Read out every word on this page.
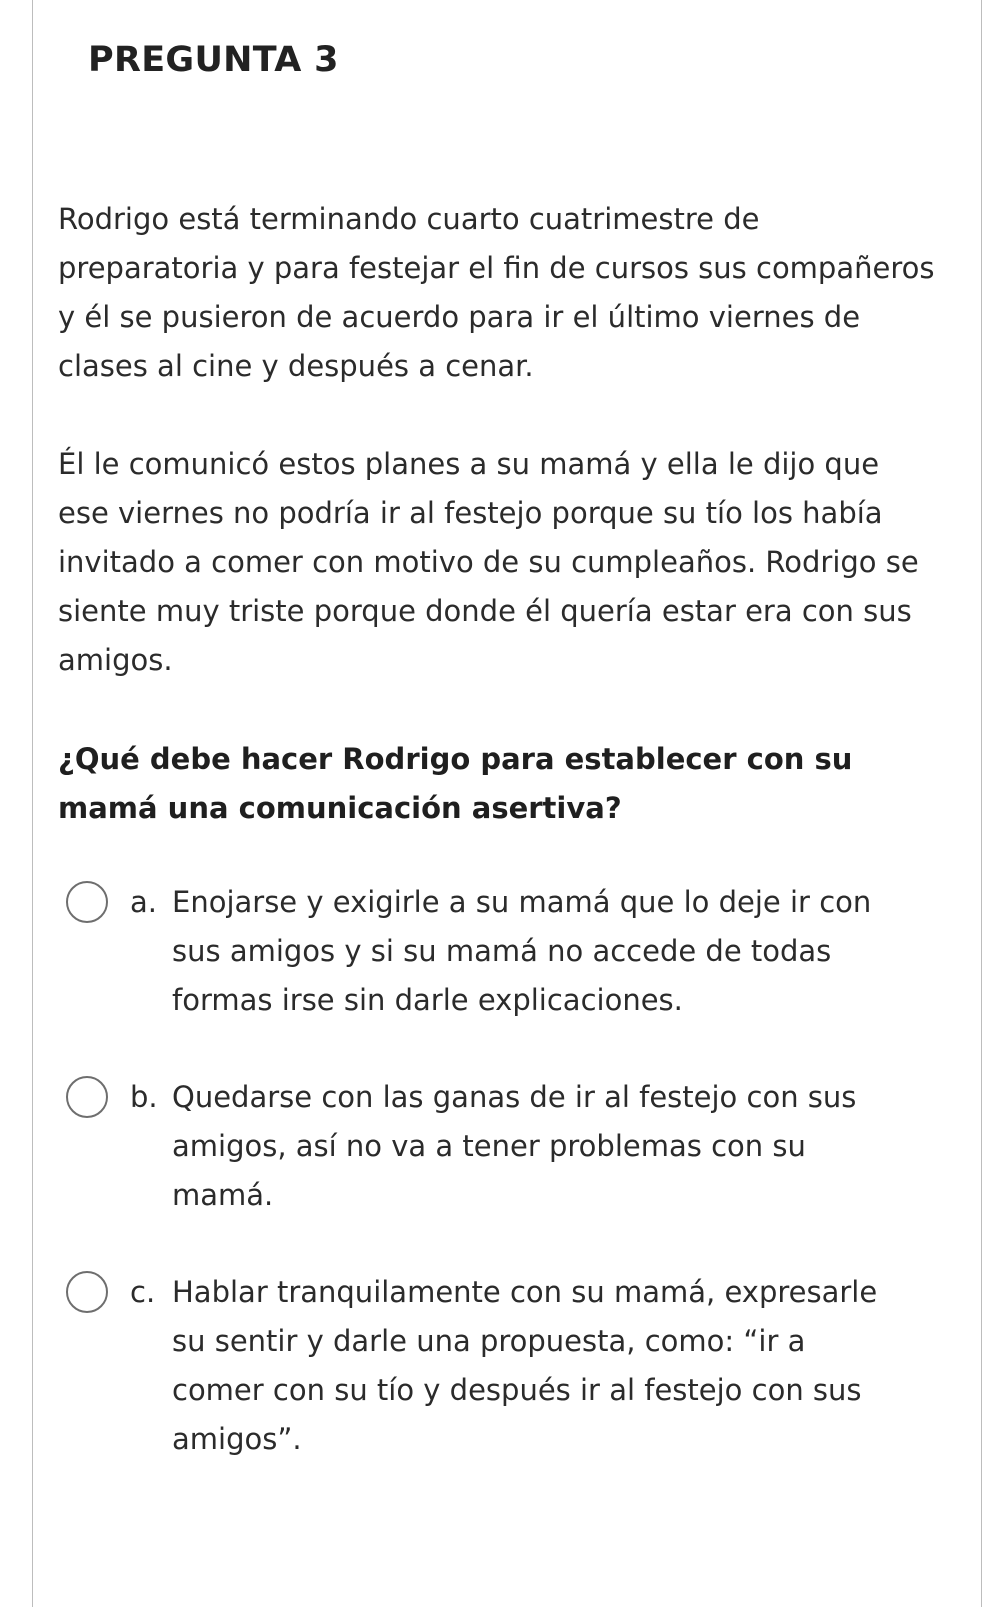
PREGUNTA 3

Rodrigo está terminando cuarto cuatrimestre de preparatoria y para festejar el fin de cursos sus compañeros y él se pusieron de acuerdo para ir el último viernes de clases al cine y después a cenar.

Él le comunicó estos planes a su mamá y ella le dijo que ese viernes no podría ir al festejo porque su tío los había invitado a comer con motivo de su cumpleaños. Rodrigo se siente muy triste porque donde él quería estar era con sus amigos.

¿Qué debe hacer Rodrigo para establecer con su mamá una comunicación asertiva?

a. Enojarse y exigirle a su mamá que lo deje ir con sus amigos y si su mamá no accede de todas formas irse sin darle explicaciones.
b. Quedarse con las ganas de ir al festejo con sus amigos, así no va a tener problemas con su mamá.
c. Hablar tranquilamente con su mamá, expresarle su sentir y darle una propuesta, como: “ir a comer con su tío y después ir al festejo con sus amigos”.
